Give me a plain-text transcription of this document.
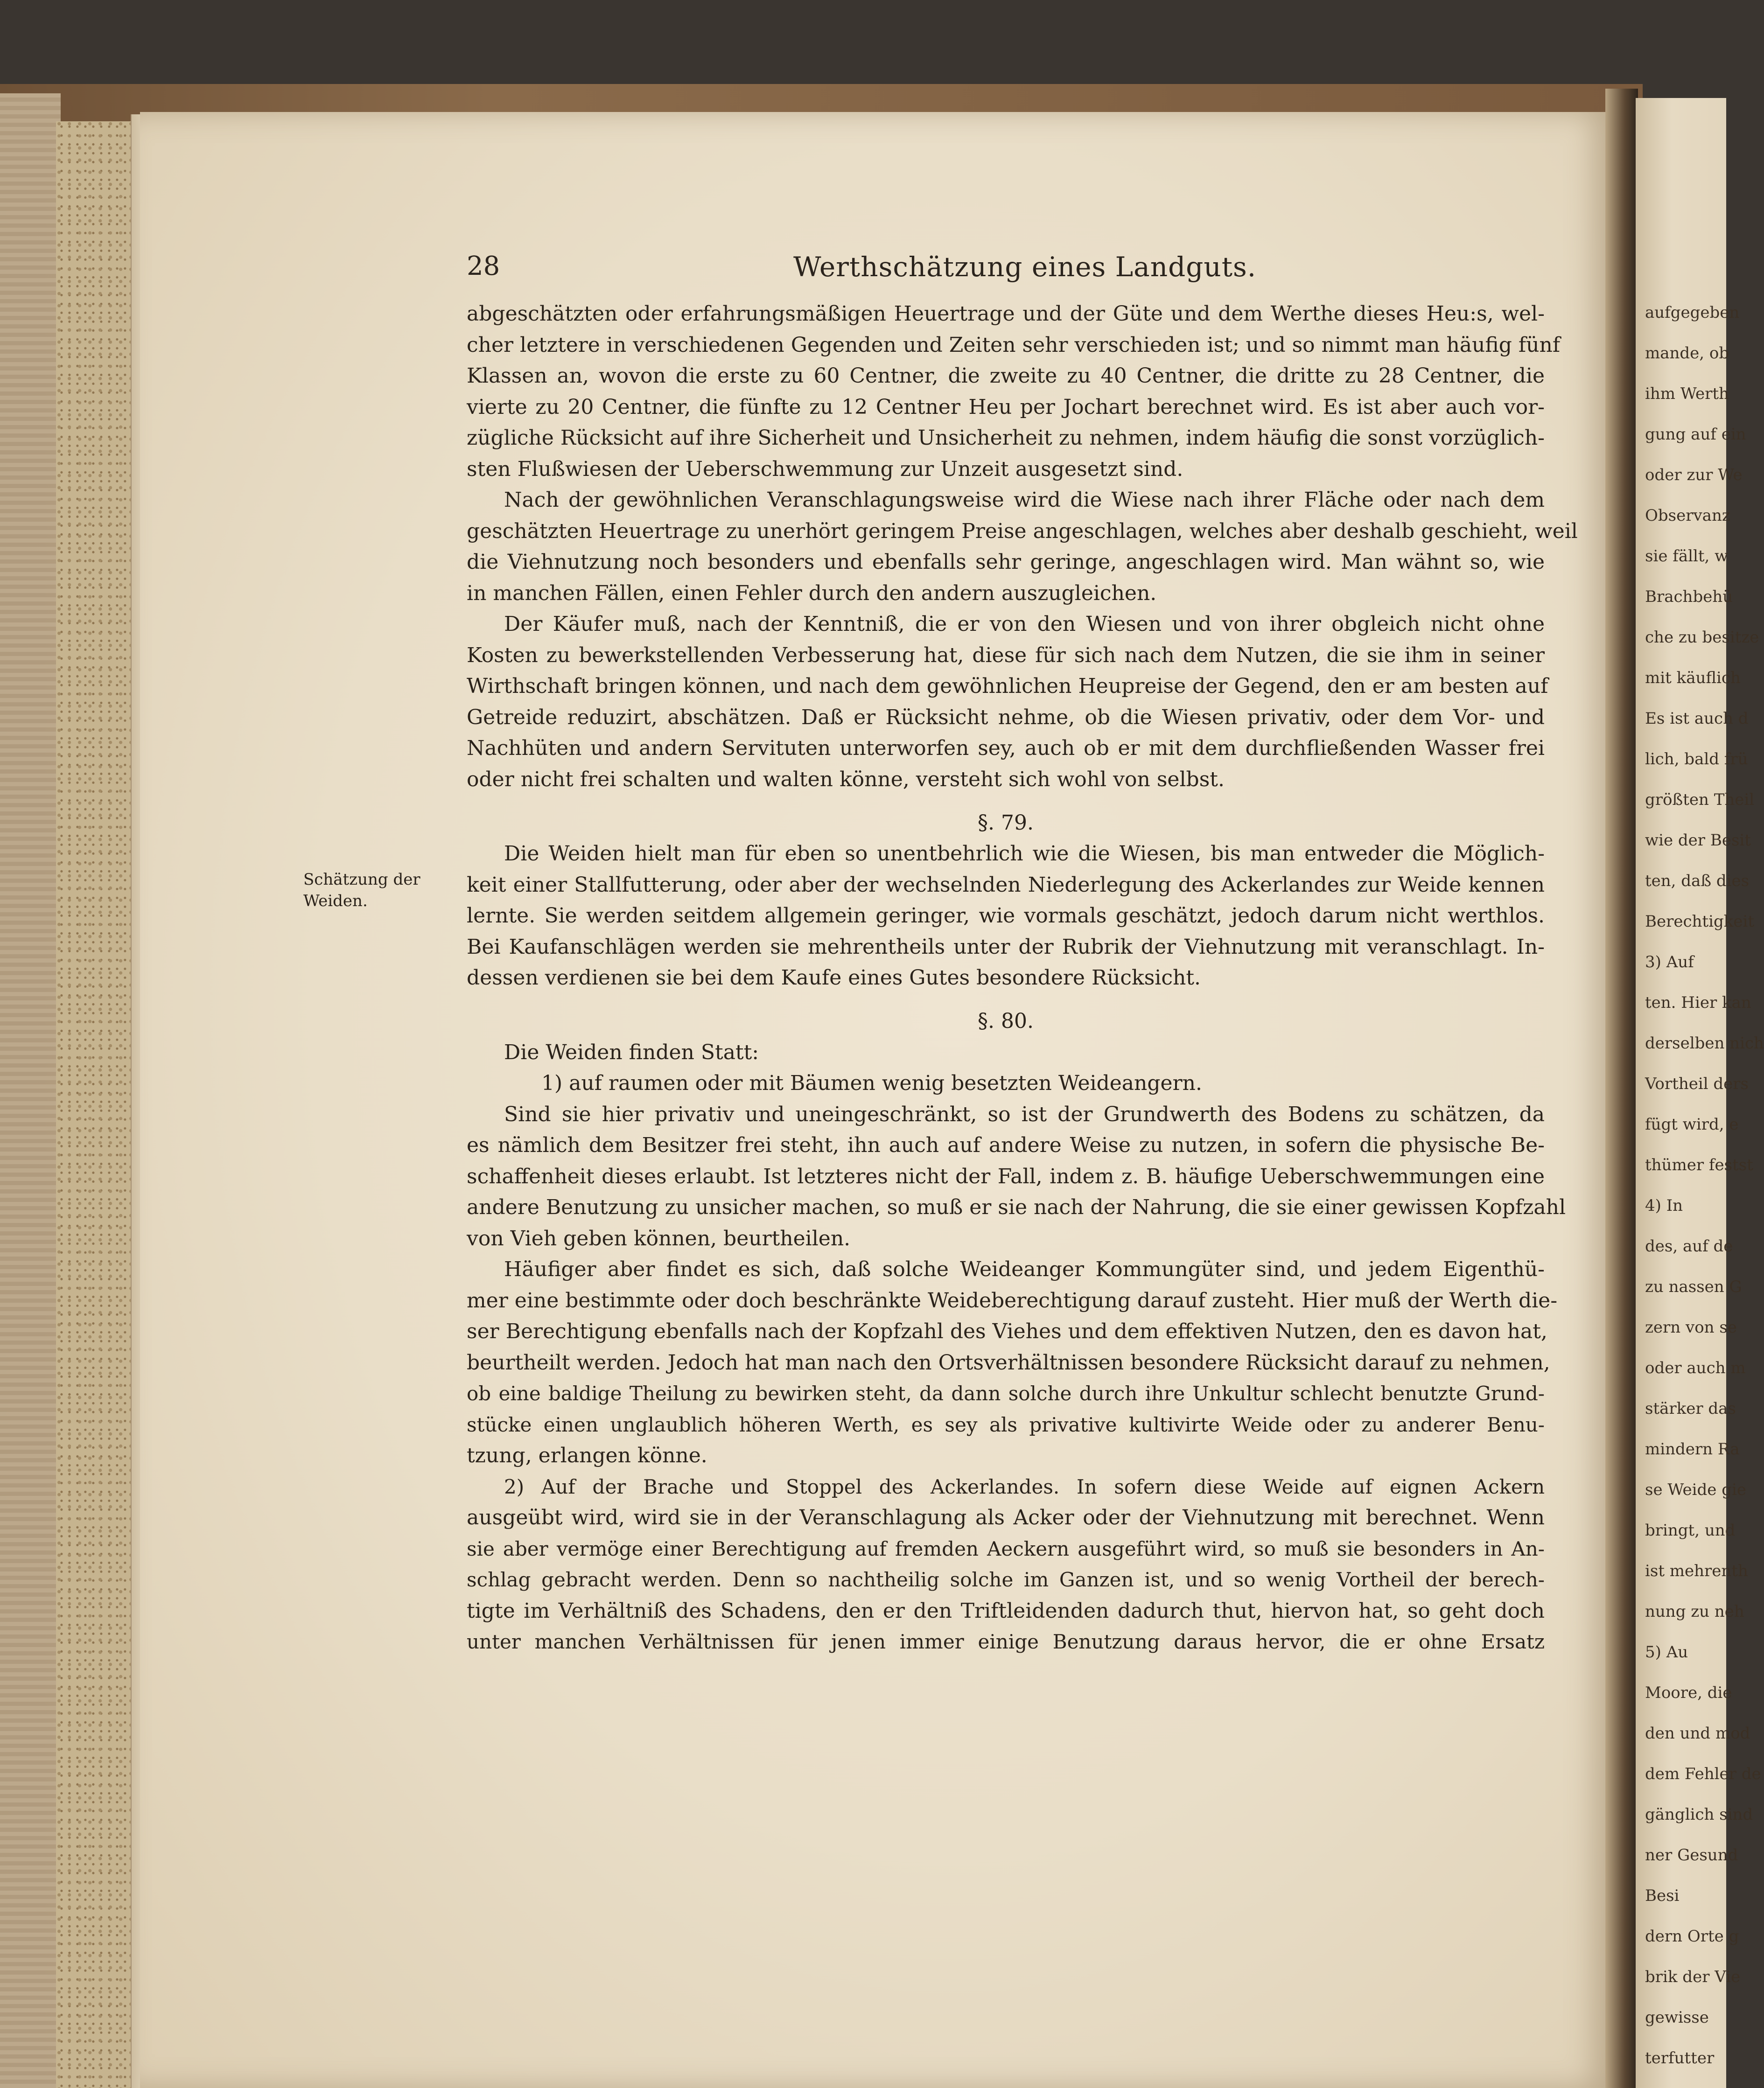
28	Werthschätzung eines Landguts.
Schätzung der
Weiden.
abgeschätzten oder erfahrungsmäßigen Heuertrage und der Güte und dem Werthe dieses Heu:s, wel-
cher letztere in verschiedenen Gegenden und Zeiten sehr verschieden ist; und so nimmt man häufig fünf
Klassen an, wovon die erste zu 60 Centner, die zweite zu 40 Centner, die dritte zu 28 Centner, die
vierte zu 20 Centner, die fünfte zu 12 Centner Heu per Jochart berechnet wird. Es ist aber auch vor-
zügliche Rücksicht auf ihre Sicherheit und Unsicherheit zu nehmen, indem häufig die sonst vorzüglich-
sten Flußwiesen der Ueberschwemmung zur Unzeit ausgesetzt sind.
Nach der gewöhnlichen Veranschlagungsweise wird die Wiese nach ihrer Fläche oder nach dem
geschätzten Heuertrage zu unerhört geringem Preise angeschlagen, welches aber deshalb geschieht, weil
die Viehnutzung noch besonders und ebenfalls sehr geringe, angeschlagen wird. Man wähnt so, wie
in manchen Fällen, einen Fehler durch den andern auszugleichen.
Der Käufer muß, nach der Kenntniß, die er von den Wiesen und von ihrer obgleich nicht ohne
Kosten zu bewerkstellenden Verbesserung hat, diese für sich nach dem Nutzen, die sie ihm in seiner
Wirthschaft bringen können, und nach dem gewöhnlichen Heupreise der Gegend, den er am besten auf
Getreide reduzirt, abschätzen. Daß er Rücksicht nehme, ob die Wiesen privativ, oder dem Vor- und
Nachhüten und andern Servituten unterworfen sey, auch ob er mit dem durchfließenden Wasser frei
oder nicht frei schalten und walten könne, versteht sich wohl von selbst.
§. 79.
Die Weiden hielt man für eben so unentbehrlich wie die Wiesen, bis man entweder die Möglich-
keit einer Stallfutterung, oder aber der wechselnden Niederlegung des Ackerlandes zur Weide kennen
lernte. Sie werden seitdem allgemein geringer, wie vormals geschätzt, jedoch darum nicht werthlos.
Bei Kaufanschlägen werden sie mehrentheils unter der Rubrik der Viehnutzung mit veranschlagt. In-
dessen verdienen sie bei dem Kaufe eines Gutes besondere Rücksicht.
§. 80.
Die Weiden finden Statt:
1) auf raumen oder mit Bäumen wenig besetzten Weideangern.
Sind sie hier privativ und uneingeschränkt, so ist der Grundwerth des Bodens zu schätzen, da
es nämlich dem Besitzer frei steht, ihn auch auf andere Weise zu nutzen, in sofern die physische Be-
schaffenheit dieses erlaubt. Ist letzteres nicht der Fall, indem z. B. häufige Ueberschwemmungen eine
andere Benutzung zu unsicher machen, so muß er sie nach der Nahrung, die sie einer gewissen Kopfzahl
von Vieh geben können, beurtheilen.
Häufiger aber findet es sich, daß solche Weideanger Kommungüter sind, und jedem Eigenthü-
mer eine bestimmte oder doch beschränkte Weideberechtigung darauf zusteht. Hier muß der Werth die-
ser Berechtigung ebenfalls nach der Kopfzahl des Viehes und dem effektiven Nutzen, den es davon hat,
beurtheilt werden. Jedoch hat man nach den Ortsverhältnissen besondere Rücksicht darauf zu nehmen,
ob eine baldige Theilung zu bewirken steht, da dann solche durch ihre Unkultur schlecht benutzte Grund-
stücke einen unglaublich höheren Werth, es sey als privative kultivirte Weide oder zu anderer Benu-
tzung, erlangen könne.
2) Auf der Brache und Stoppel des Ackerlandes. In sofern diese Weide auf eignen Ackern
ausgeübt wird, wird sie in der Veranschlagung als Acker oder der Viehnutzung mit berechnet. Wenn
sie aber vermöge einer Berechtigung auf fremden Aeckern ausgeführt wird, so muß sie besonders in An-
schlag gebracht werden. Denn so nachtheilig solche im Ganzen ist, und so wenig Vortheil der berech-
tigte im Verhältniß des Schadens, den er den Triftleidenden dadurch thut, hiervon hat, so geht doch
unter manchen Verhältnissen für jenen immer einige Benutzung daraus hervor, die er ohne Ersatz
aufgegeben
mande, ob
ihm Werth
gung auf ein
oder zur We
Observanz
sie fällt, w
Brachbehü
che zu besitze
mit käuflich
Es ist auch d
lich, bald frü
größten Theil
wie der Besit
ten, daß dies
Berechtigkeit
3) Auf
ten. Hier kan
derselben nich
Vortheil ders
fügt wird, e
thümer festst
4) In
des, auf de
zu nassen G
zern von se
oder auch m
stärker das
mindern Ra
se Weide gie
bringt, und
ist mehrenth
nung zu neh
5) Au
Moore, die
den und mod
dem Fehler de
gänglich sind
ner Gesund
Besi
dern Orte g
brik der Vie
gewisse
terfutter
